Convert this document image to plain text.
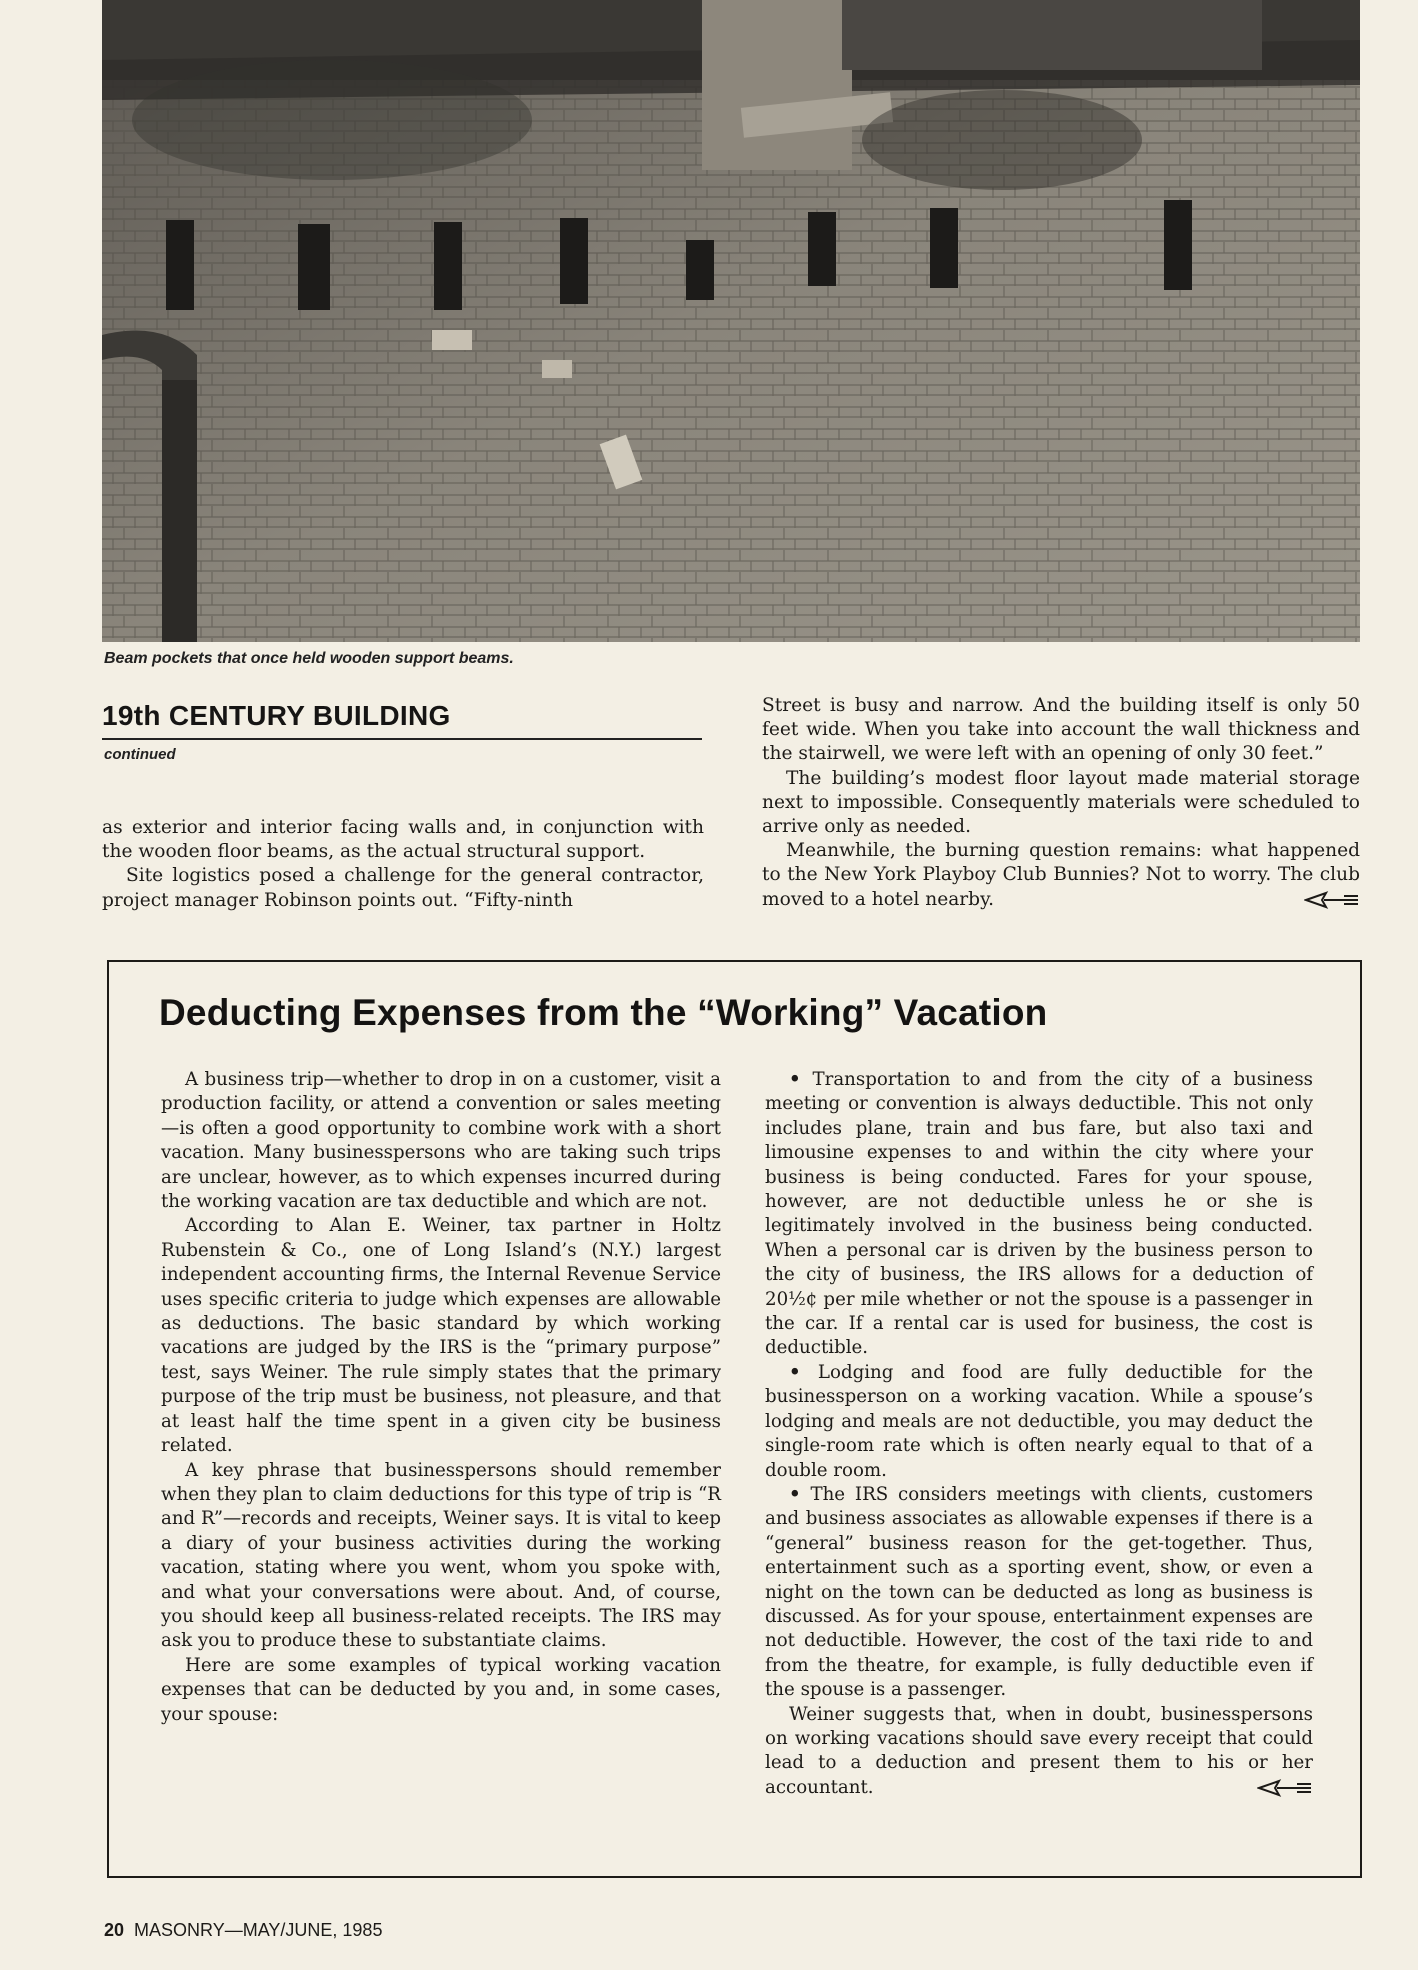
Beam pockets that once held wooden support beams.
19th CENTURY BUILDING
continued

as exterior and interior facing walls and, in conjunction with the wooden floor beams, as the actual structural support.

Site logistics posed a challenge for the general contractor, project manager Robinson points out. “Fifty-ninth

Street is busy and narrow. And the building itself is only 50 feet wide. When you take into account the wall thickness and the stairwell, we were left with an opening of only 30 feet.”

The building’s modest floor layout made material storage next to impossible. Consequently materials were scheduled to arrive only as needed.

Meanwhile, the burning question remains: what happened to the New York Playboy Club Bunnies? Not to worry. The club moved to a hotel nearby.

Deducting Expenses from the “Working” Vacation

A business trip—whether to drop in on a customer, visit a production facility, or attend a convention or sales meeting—is often a good opportunity to combine work with a short vacation. Many businesspersons who are taking such trips are unclear, however, as to which expenses incurred during the working vacation are tax deductible and which are not.

According to Alan E. Weiner, tax partner in Holtz Rubenstein & Co., one of Long Island’s (N.Y.) largest independent accounting firms, the Internal Revenue Service uses specific criteria to judge which expenses are allowable as deductions. The basic standard by which working vacations are judged by the IRS is the “primary purpose” test, says Weiner. The rule simply states that the primary purpose of the trip must be business, not pleasure, and that at least half the time spent in a given city be business related.

A key phrase that businesspersons should remember when they plan to claim deductions for this type of trip is “R and R”—records and receipts, Weiner says. It is vital to keep a diary of your business activities during the working vacation, stating where you went, whom you spoke with, and what your conversations were about. And, of course, you should keep all business-related receipts. The IRS may ask you to produce these to substantiate claims.

Here are some examples of typical working vacation expenses that can be deducted by you and, in some cases, your spouse:

• Transportation to and from the city of a business meeting or convention is always deductible. This not only includes plane, train and bus fare, but also taxi and limousine expenses to and within the city where your business is being conducted. Fares for your spouse, however, are not deductible unless he or she is legitimately involved in the business being conducted. When a personal car is driven by the business person to the city of business, the IRS allows for a deduction of 20½¢ per mile whether or not the spouse is a passenger in the car. If a rental car is used for business, the cost is deductible.

• Lodging and food are fully deductible for the businessperson on a working vacation. While a spouse’s lodging and meals are not deductible, you may deduct the single-room rate which is often nearly equal to that of a double room.

• The IRS considers meetings with clients, customers and business associates as allowable expenses if there is a “general” business reason for the get-together. Thus, entertainment such as a sporting event, show, or even a night on the town can be deducted as long as business is discussed. As for your spouse, entertainment expenses are not deductible. However, the cost of the taxi ride to and from the theatre, for example, is fully deductible even if the spouse is a passenger.

Weiner suggests that, when in doubt, businesspersons on working vacations should save every receipt that could lead to a deduction and present them to his or her accountant.

20 MASONRY—MAY/JUNE, 1985
